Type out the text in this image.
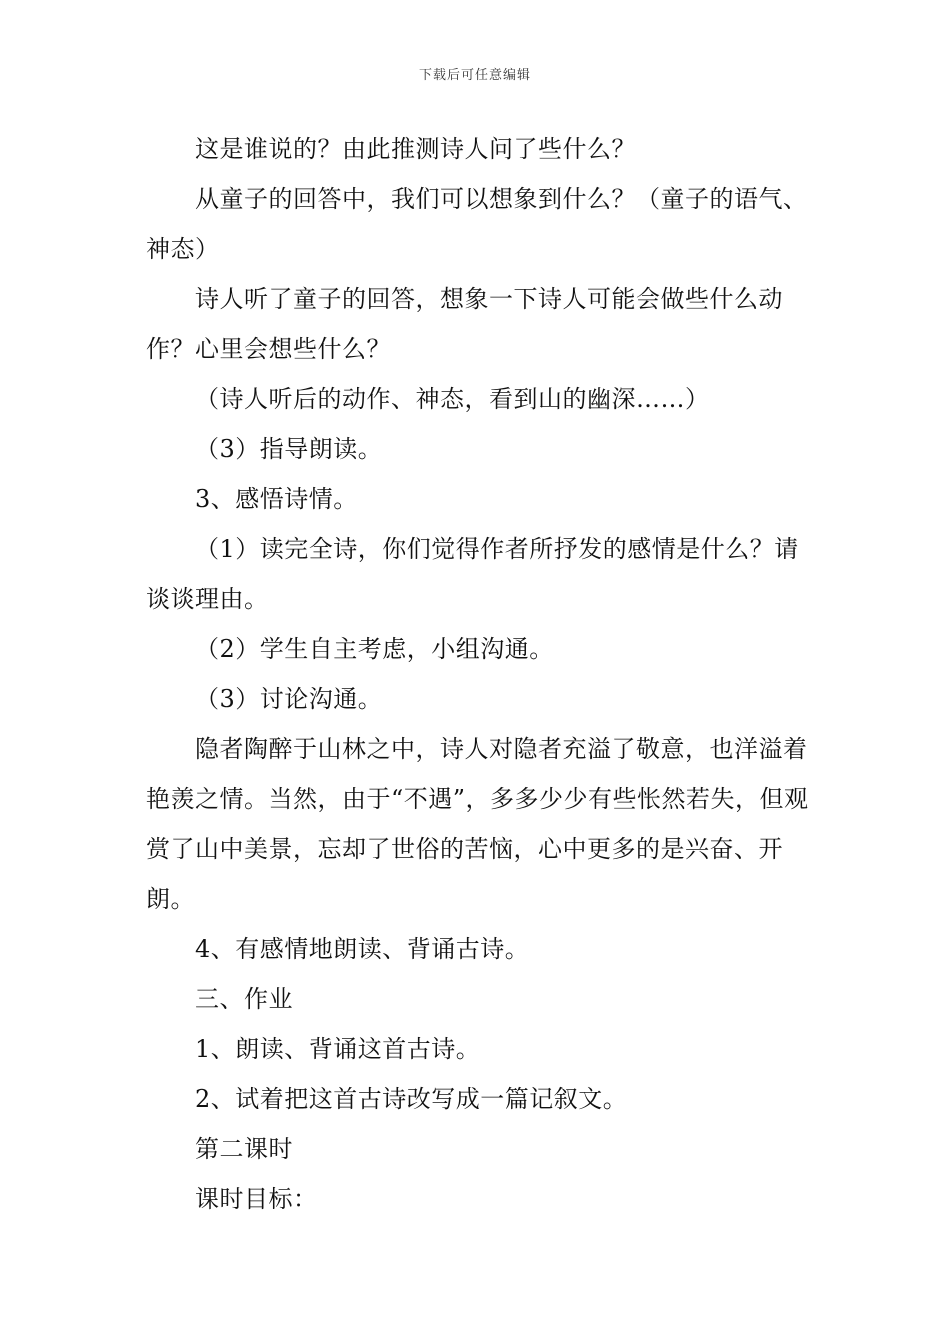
下载后可任意编辑

这是谁说的？由此推测诗人问了些什么？

从童子的回答中，我们可以想象到什么？（童子的语气、神态）

诗人听了童子的回答，想象一下诗人可能会做些什么动作？心里会想些什么？

（诗人听后的动作、神态，看到山的幽深……）

（3）指导朗读。

3、感悟诗情。

（1）读完全诗，你们觉得作者所抒发的感情是什么？请谈谈理由。

（2）学生自主考虑，小组沟通。

（3）讨论沟通。

隐者陶醉于山林之中，诗人对隐者充溢了敬意，也洋溢着艳羡之情。当然，由于“不遇”，多多少少有些怅然若失，但观赏了山中美景，忘却了世俗的苦恼，心中更多的是兴奋、开朗。

4、有感情地朗读、背诵古诗。

三、作业

1、朗读、背诵这首古诗。

2、试着把这首古诗改写成一篇记叙文。

第二课时

课时目标：
